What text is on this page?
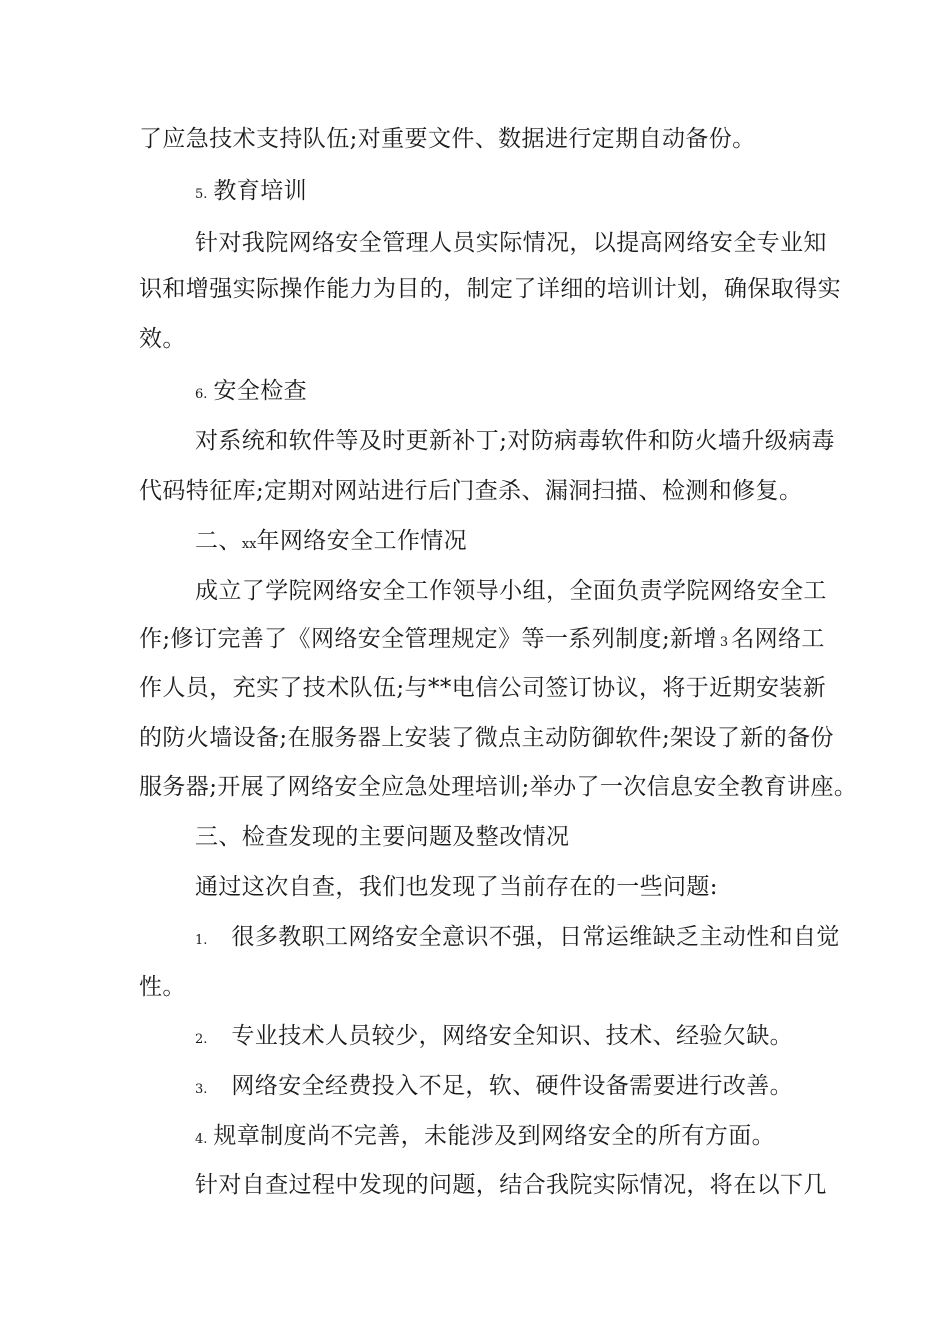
了应急技术支持队伍;对重要文件、数据进行定期自动备份。
5. 教育培训
针对我院网络安全管理人员实际情况，以提高网络安全专业知
识和增强实际操作能力为目的，制定了详细的培训计划，确保取得实
效。
6. 安全检查
对系统和软件等及时更新补丁;对防病毒软件和防火墙升级病毒
代码特征库;定期对网站进行后门查杀、漏洞扫描、检测和修复。
二、xx年网络安全工作情况
成立了学院网络安全工作领导小组，全面负责学院网络安全工
作;修订完善了《网络安全管理规定》等一系列制度;新增 3 名网络工
作人员，充实了技术队伍;与**电信公司签订协议，将于近期安装新
的防火墙设备;在服务器上安装了微点主动防御软件;架设了新的备份
服务器;开展了网络安全应急处理培训;举办了一次信息安全教育讲座。
三、检查发现的主要问题及整改情况
通过这次自查，我们也发现了当前存在的一些问题:
1. 很多教职工网络安全意识不强，日常运维缺乏主动性和自觉
性。
2. 专业技术人员较少，网络安全知识、技术、经验欠缺。
3. 网络安全经费投入不足，软、硬件设备需要进行改善。
4. 规章制度尚不完善，未能涉及到网络安全的所有方面。
针对自查过程中发现的问题，结合我院实际情况，将在以下几
